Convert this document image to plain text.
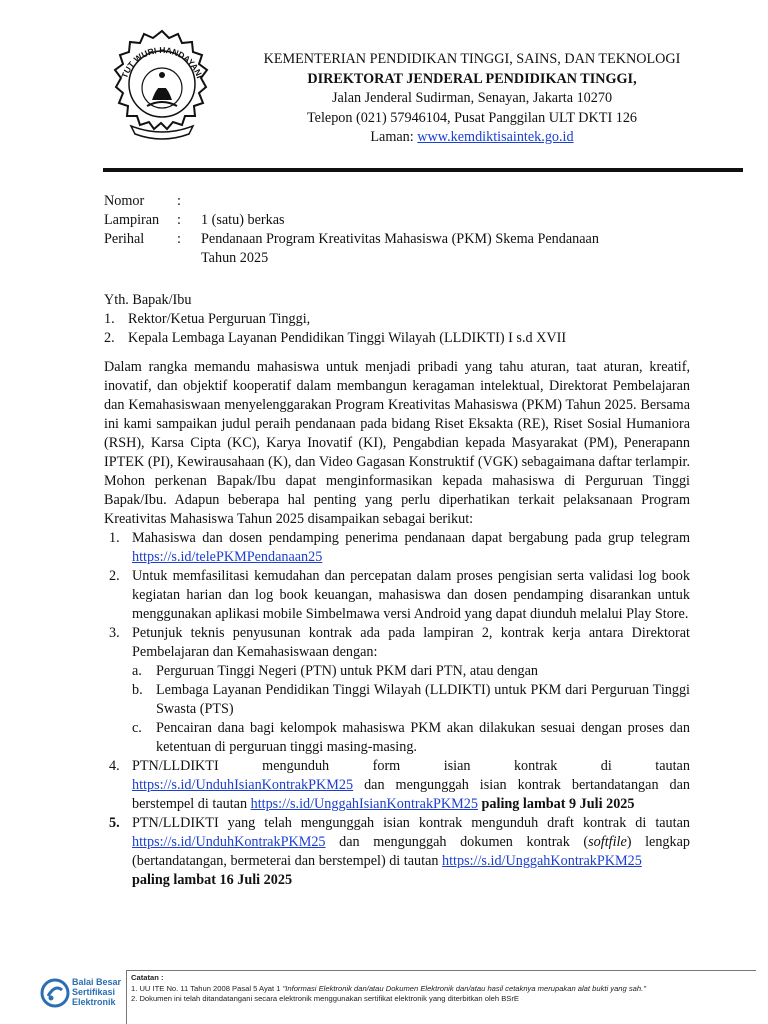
TUT WURI HANDAYANI
KEMENTERIAN PENDIDIKAN TINGGI, SAINS, DAN TEKNOLOGI
DIREKTORAT JENDERAL PENDIDIKAN TINGGI,
Jalan Jenderal Sudirman, Senayan, Jakarta 10270
Telepon (021) 57946104, Pusat Panggilan ULT DKTI 126
Laman: www.kemdiktisaintek.go.id
Nomor	:
Lampiran	:	1 (satu) berkas
Perihal	:	Pendanaan Program Kreativitas Mahasiswa (PKM) Skema Pendanaan
Tahun 2025
Yth. Bapak/Ibu
1. Rektor/Ketua Perguruan Tinggi,
2. Kepala Lembaga Layanan Pendidikan Tinggi Wilayah (LLDIKTI) I s.d XVII

Dalam rangka memandu mahasiswa untuk menjadi pribadi yang tahu aturan, taat aturan, kreatif, inovatif, dan objektif kooperatif dalam membangun keragaman intelektual, Direktorat Pembelajaran dan Kemahasiswaan menyelenggarakan Program Kreativitas Mahasiswa (PKM) Tahun 2025. Bersama ini kami sampaikan judul peraih pendanaan pada bidang Riset Eksakta (RE), Riset Sosial Humaniora (RSH), Karsa Cipta (KC), Karya Inovatif (KI), Pengabdian kepada Masyarakat (PM), Penerapann IPTEK (PI), Kewirausahaan (K), dan Video Gagasan Konstruktif (VGK) sebagaimana daftar terlampir. Mohon perkenan Bapak/Ibu dapat menginformasikan kepada mahasiswa di Perguruan Tinggi Bapak/Ibu. Adapun beberapa hal penting yang perlu diperhatikan terkait pelaksanaan Program Kreativitas Mahasiswa Tahun 2025 disampaikan sebagai berikut:

1. Mahasiswa dan dosen pendamping penerima pendanaan dapat bergabung pada grup telegram https://s.id/telePKMPendanaan25
2. Untuk memfasilitasi kemudahan dan percepatan dalam proses pengisian serta validasi log book kegiatan harian dan log book keuangan, mahasiswa dan dosen pendamping disarankan untuk menggunakan aplikasi mobile Simbelmawa versi Android yang dapat diunduh melalui Play Store.
3. Petunjuk teknis penyusunan kontrak ada pada lampiran 2, kontrak kerja antara Direktorat Pembelajaran dan Kemahasiswaan dengan:
a. Perguruan Tinggi Negeri (PTN) untuk PKM dari PTN, atau dengan
b. Lembaga Layanan Pendidikan Tinggi Wilayah (LLDIKTI) untuk PKM dari Perguruan Tinggi Swasta (PTS)
c. Pencairan dana bagi kelompok mahasiswa PKM akan dilakukan sesuai dengan proses dan ketentuan di perguruan tinggi masing-masing.
4. PTN/LLDIKTI	mengunduh	form	isian	kontrak	di	tautan
https://s.id/UnduhIsianKontrakPKM25 dan mengunggah isian kontrak bertandatangan dan berstempel di tautan https://s.id/UnggahIsianKontrakPKM25 paling lambat 9 Juli 2025
5. PTN/LLDIKTI yang telah mengunggah isian kontrak mengunduh draft kontrak di tautan https://s.id/UnduhKontrakPKM25 dan mengunggah dokumen kontrak (softfile) lengkap (bertandatangan, bermeterai dan berstempel) di tautan https://s.id/UnggahKontrakPKM25
paling lambat 16 Juli 2025
Balai Besar
Sertifikasi
Elektronik
Catatan :
1. UU ITE No. 11 Tahun 2008 Pasal 5 Ayat 1 "Informasi Elektronik dan/atau Dokumen Elektronik dan/atau hasil cetaknya merupakan alat bukti yang sah."
2. Dokumen ini telah ditandatangani secara elektronik menggunakan sertifikat elektronik yang diterbitkan oleh BSrE
